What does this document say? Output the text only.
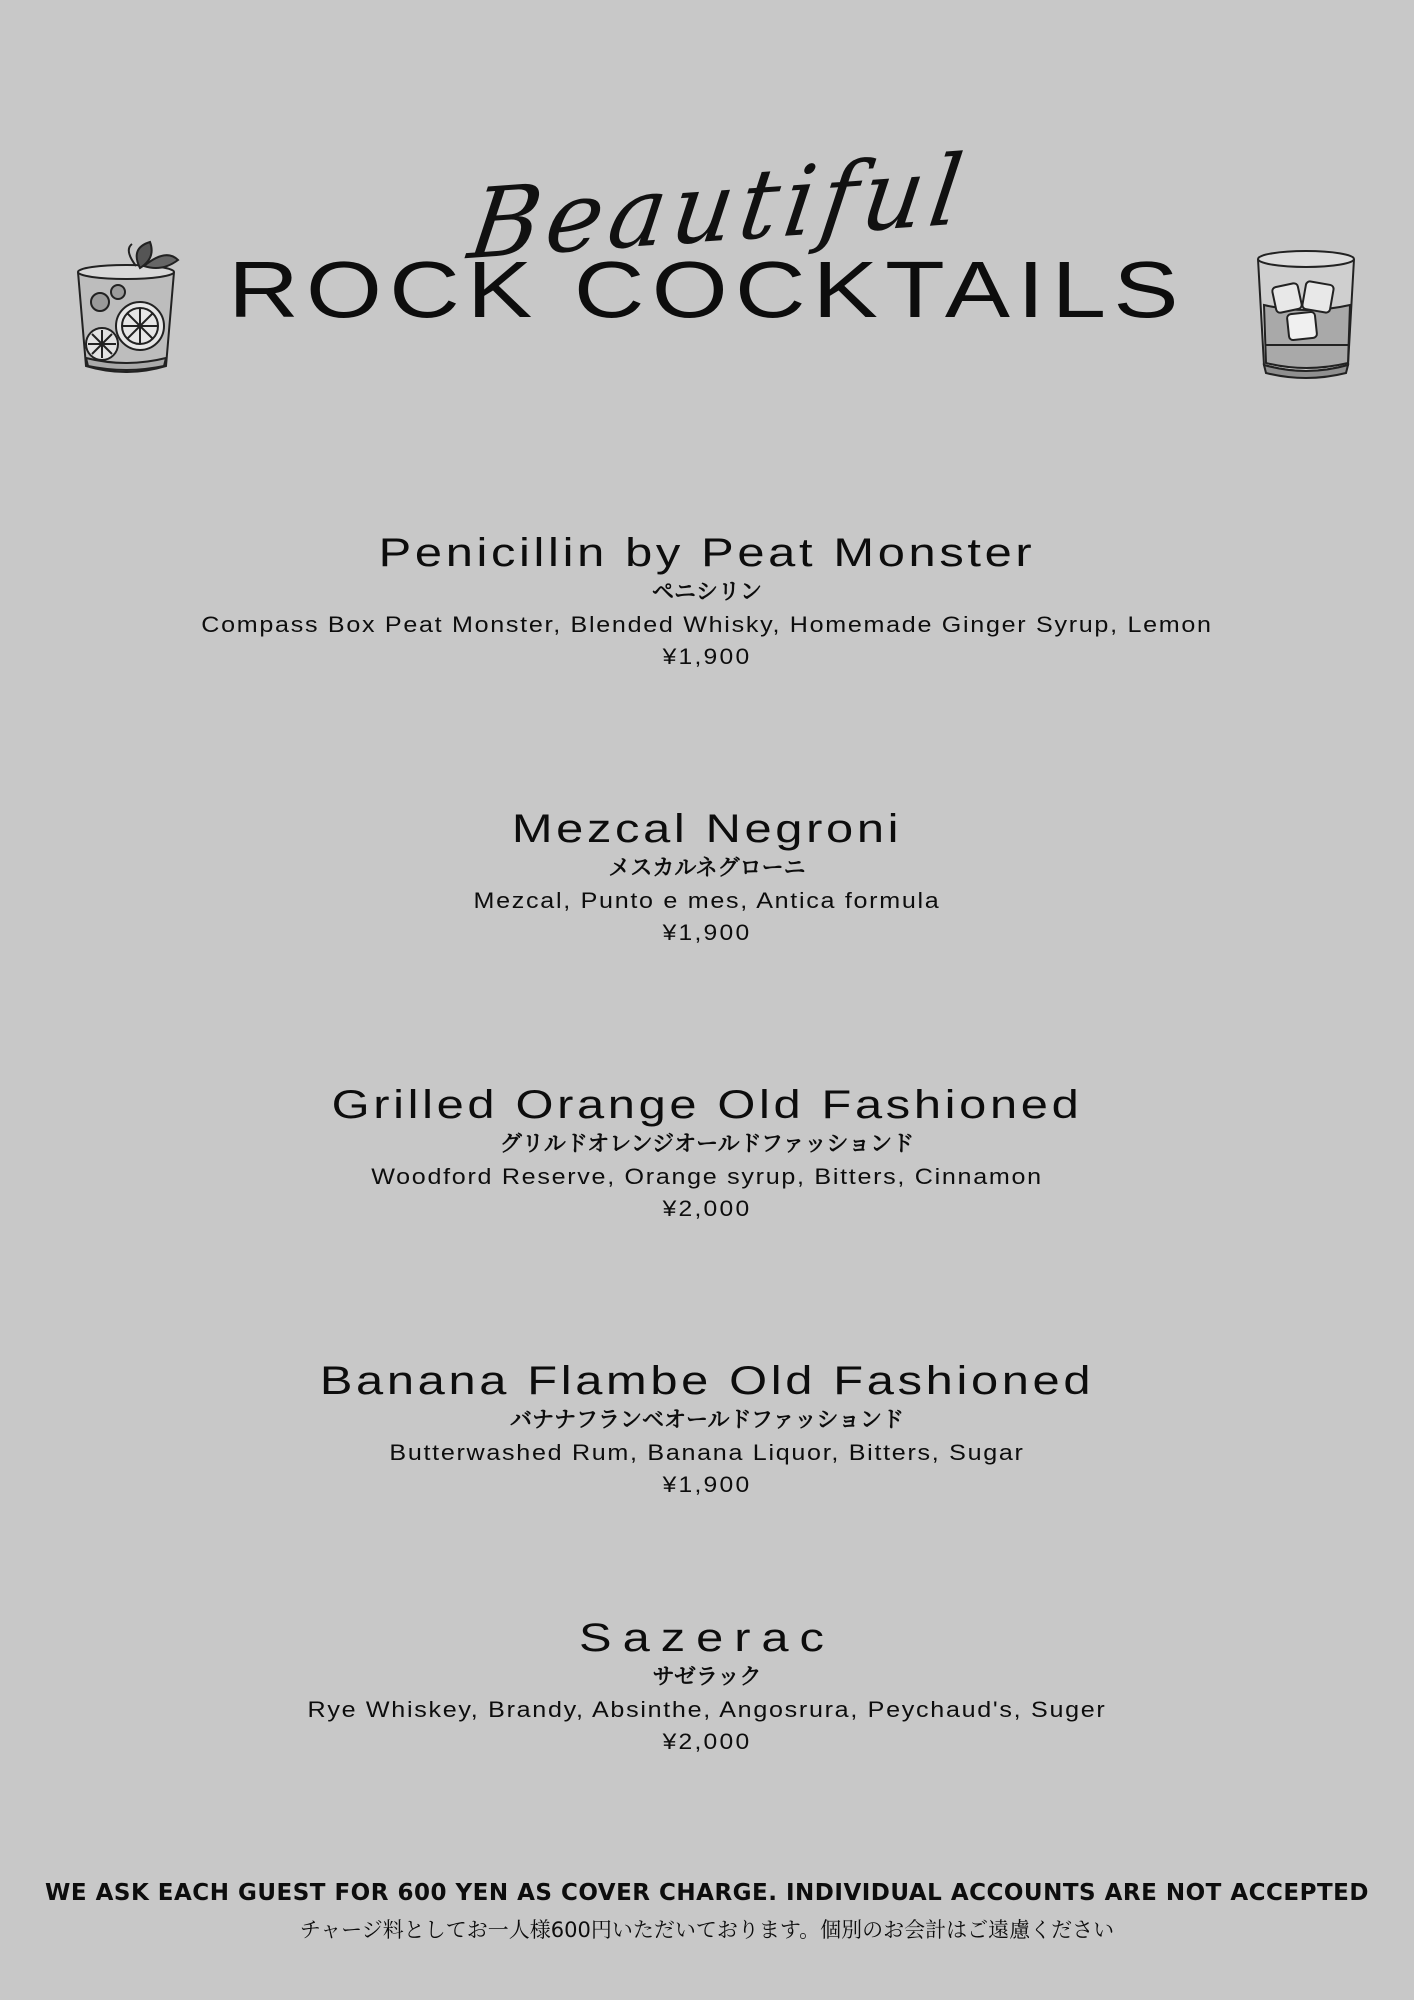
Beautiful
ROCK COCKTAILS
Penicillin by Peat Monster
ペニシリン
Compass Box Peat Monster, Blended Whisky, Homemade Ginger Syrup, Lemon
¥1,900
Mezcal Negroni
メスカルネグローニ
Mezcal, Punto e mes, Antica formula
¥1,900
Grilled Orange Old Fashioned
グリルドオレンジオールドファッションド
Woodford Reserve, Orange syrup, Bitters, Cinnamon
¥2,000
Banana Flambe Old Fashioned
バナナフランベオールドファッションド
Butterwashed Rum, Banana Liquor, Bitters, Sugar
¥1,900
Sazerac
サゼラック
Rye Whiskey, Brandy, Absinthe, Angosrura, Peychaud's, Suger
¥2,000
WE ASK EACH GUEST FOR 600 YEN AS COVER CHARGE. INDIVIDUAL ACCOUNTS ARE NOT ACCEPTED
チャージ料としてお一人様600円いただいております。個別のお会計はご遠慮ください
